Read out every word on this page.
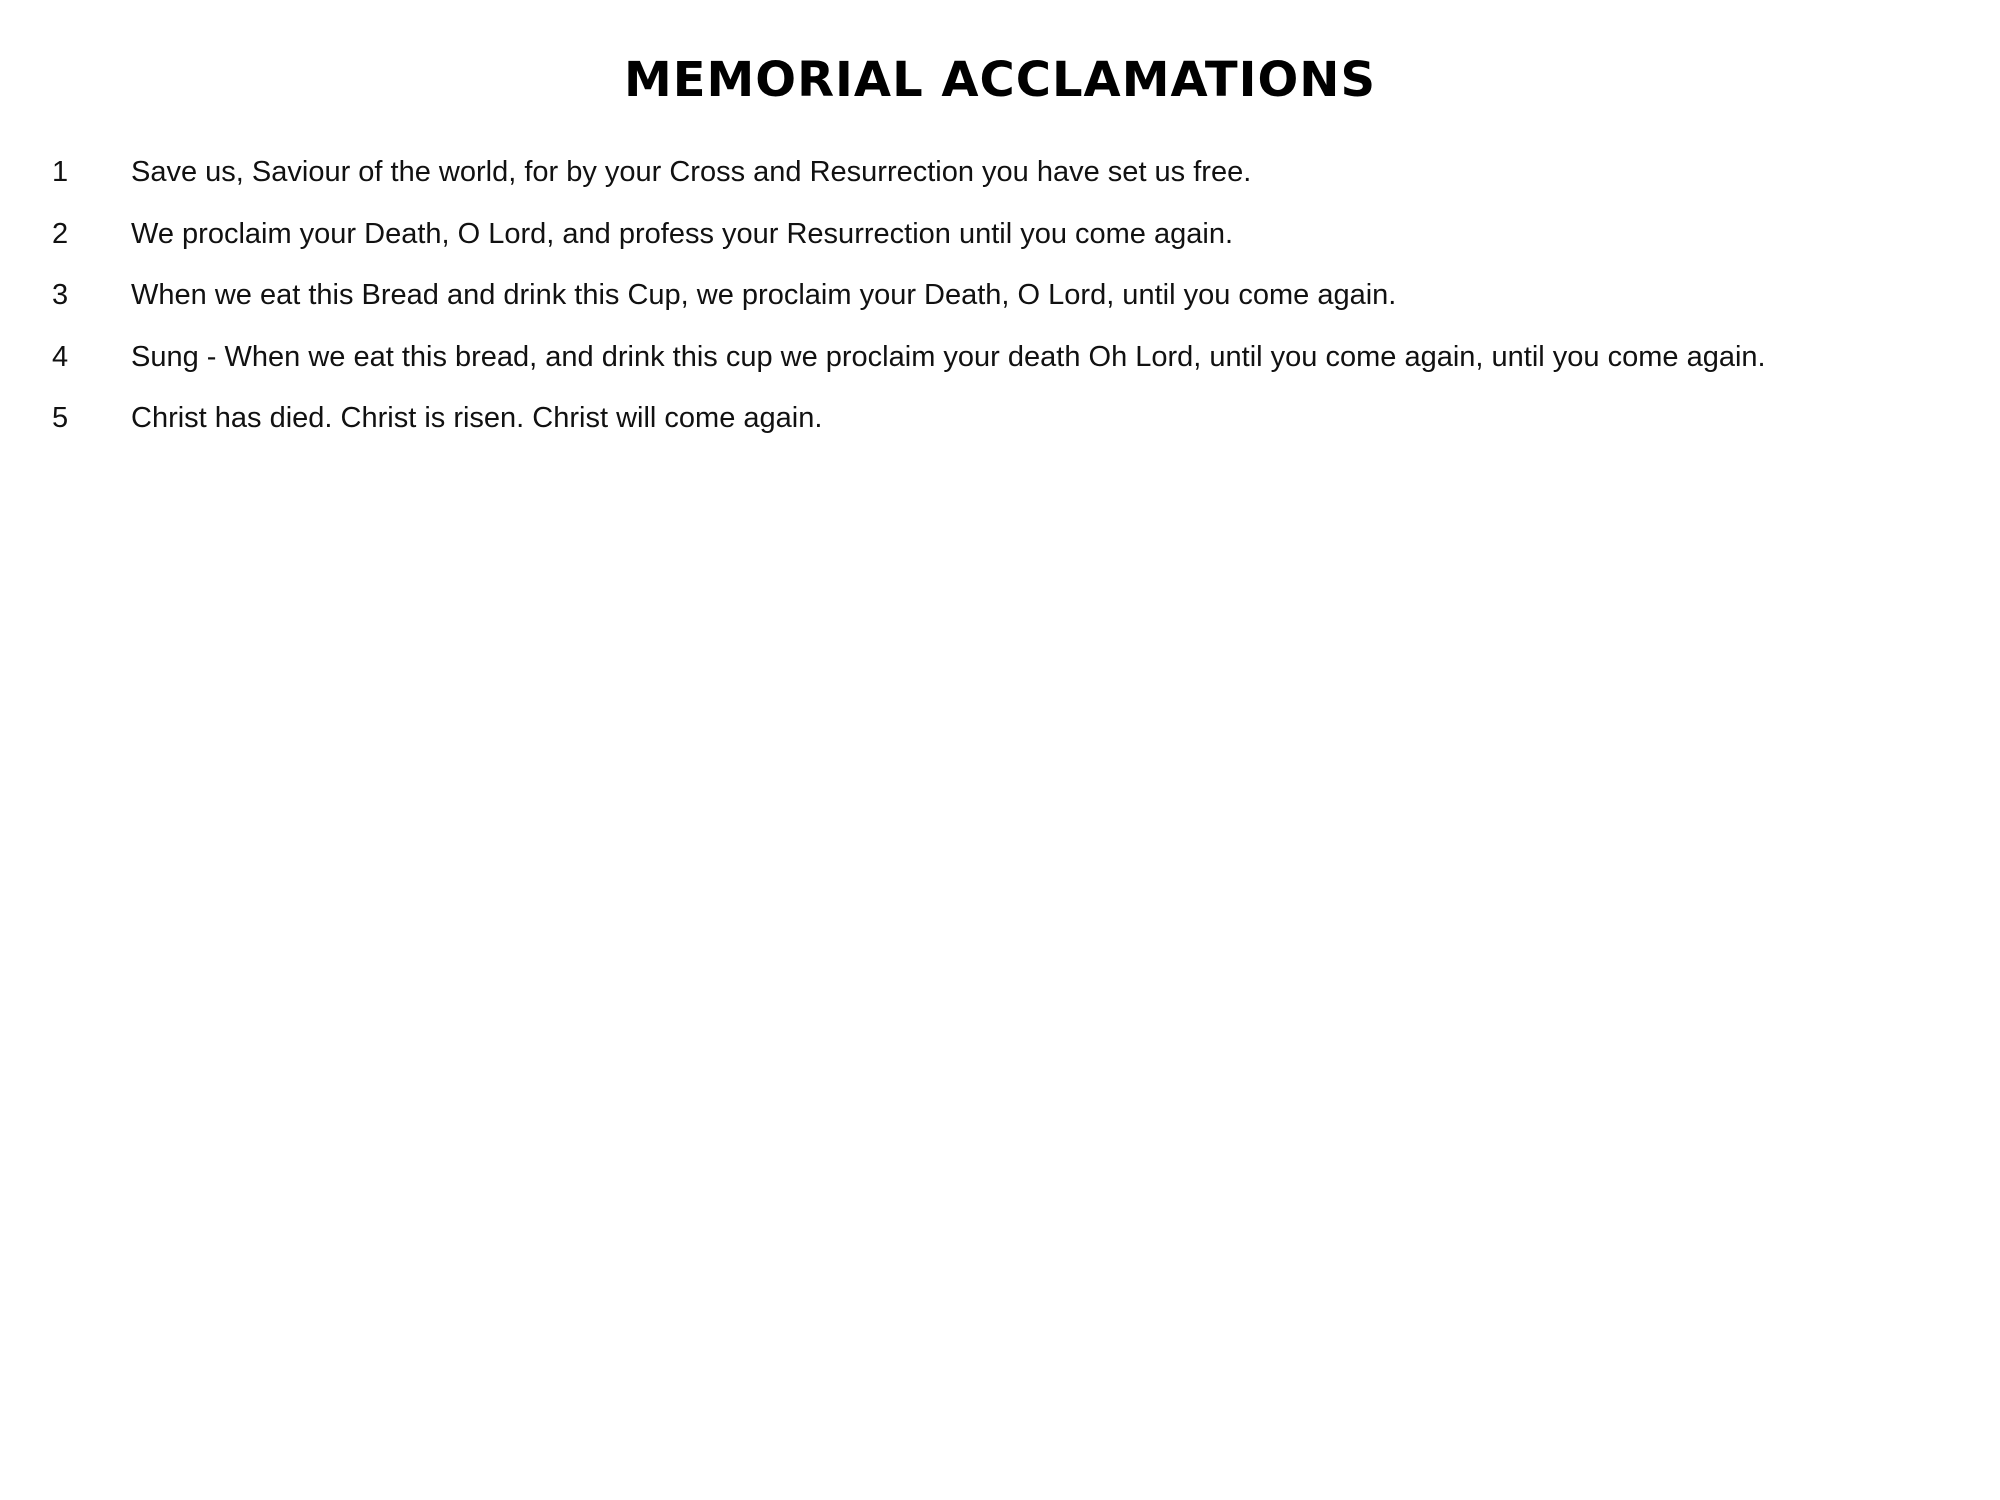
MEMORIAL ACCLAMATIONS
1	Save us, Saviour of the world, for by your Cross and Resurrection you have set us free.
2	We proclaim your Death, O Lord, and profess your Resurrection until you come again.
3	When we eat this Bread and drink this Cup, we proclaim your Death, O Lord, until you come again.
4	Sung - When we eat this bread, and drink this cup we proclaim your death Oh Lord, until you come again, until you come again.
5	Christ has died. Christ is risen. Christ will come again.
